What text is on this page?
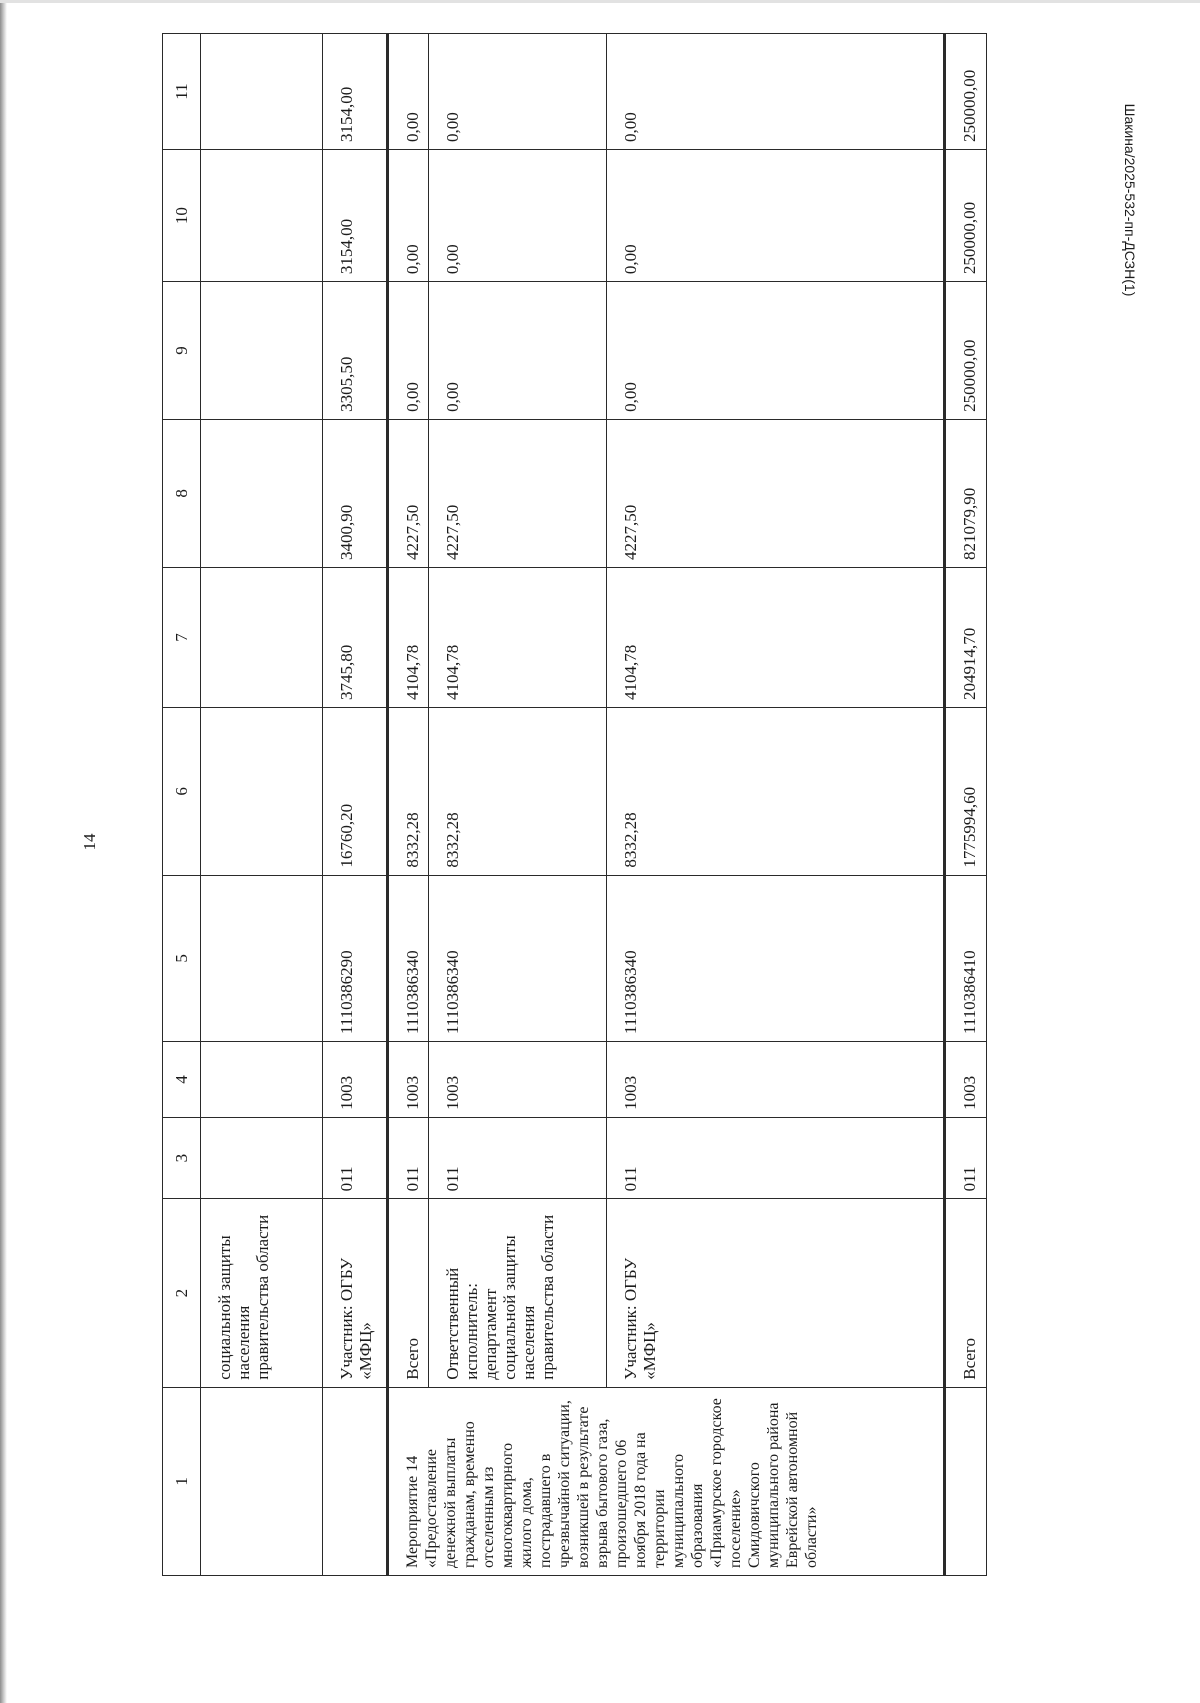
14
Шакина/2025-532-пп-ДСЗН(1)
1	2	3	4	5	6	7	8	9	10	11
	социальной защиты населения правительства области									
	Участник: ОГБУ «МФЦ»	011	1003	1110386290	16760,20	3745,80	3400,90	3305,50	3154,00	3154,00
Мероприятие 14 «Предоставление денежной выплаты гражданам, временно отселенным из многоквартирного жилого дома, пострадавшего в чрезвычайной ситуации, возникшей в результате взрыва бытового газа, произошедшего 06 ноября 2018 года на территории муниципального образования «Приамурское городское поселение» Смидовичского муниципального района Еврейской автономной области»	Всего	011	1003	1110386340	8332,28	4104,78	4227,50	0,00	0,00	0,00
	Ответственный исполнитель: департамент социальной защиты населения правительства области	011	1003	1110386340	8332,28	4104,78	4227,50	0,00	0,00	0,00
	Участник: ОГБУ «МФЦ»	011	1003	1110386340	8332,28	4104,78	4227,50	0,00	0,00	0,00
	Всего	011	1003	1110386410	1775994,60	204914,70	821079,90	250000,00	250000,00	250000,00
